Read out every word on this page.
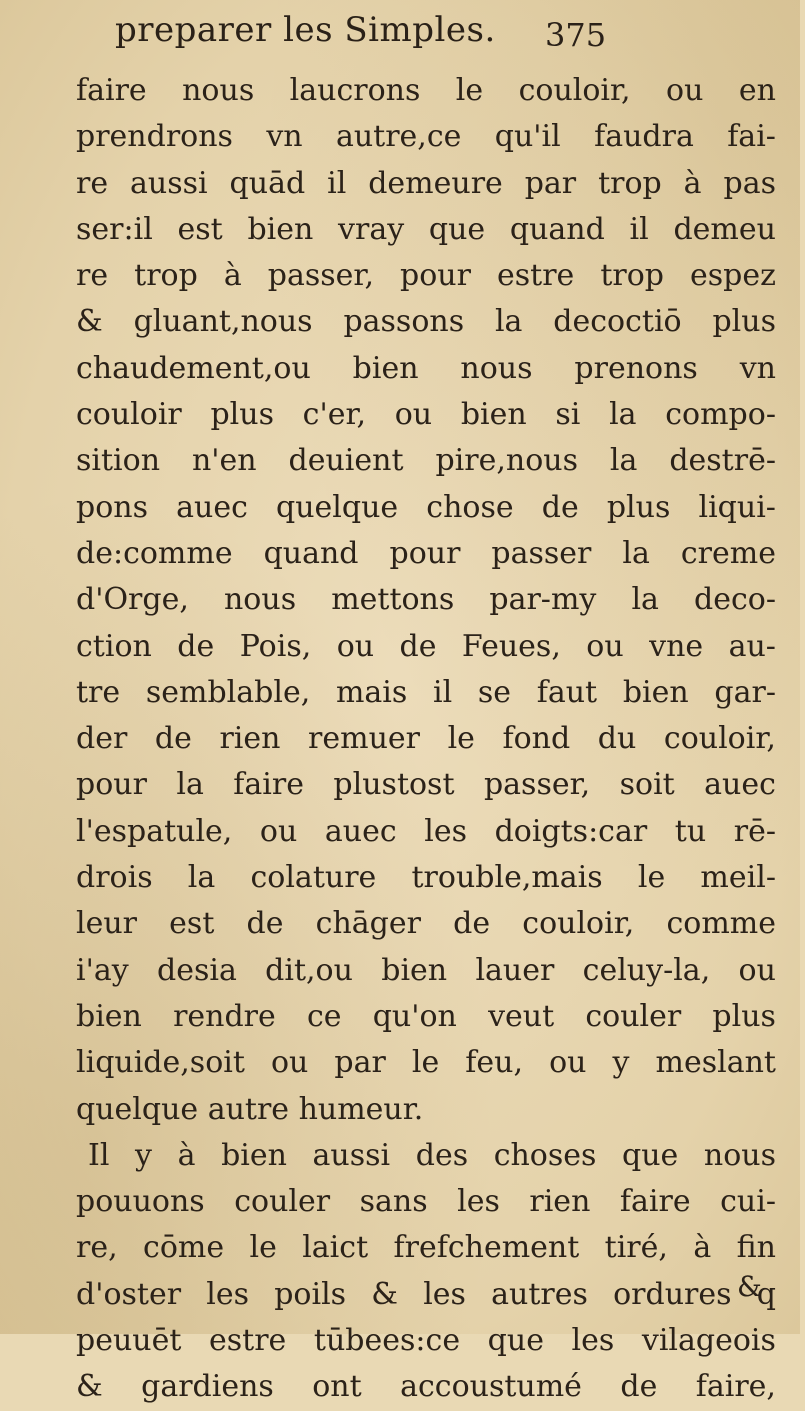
preparer les Simples. 375
faire nous laucrons le couloir, ou en
prendrons vn autre,ce qu'il faudra fai-
re aussi quād il demeure par trop à pas
ser:il est bien vray que quand il demeu
re trop à passer, pour estre trop espez
& gluant,nous passons la decoctiō plus
chaudement,ou bien nous prenons vn
couloir plus c'er, ou bien si la compo-
sition n'en deuient pire,nous la destrē-
pons auec quelque chose de plus liqui-
de:comme quand pour passer la creme
d'Orge, nous mettons par-my la deco-
ction de Pois, ou de Feues, ou vne au-
tre semblable, mais il se faut bien gar-
der de rien remuer le fond du couloir,
pour la faire plustost passer, soit auec
l'espatule, ou auec les doigts:car tu rē-
drois la colature trouble,mais le meil-
leur est de chāger de couloir, comme
i'ay desia dit,ou bien lauer celuy-la, ou
bien rendre ce qu'on veut couler plus
liquide,soit ou par le feu, ou y meslant
quelque autre humeur.
Il y à bien aussi des choses que nous
pouuons couler sans les rien faire cui-
re, cōme le laict frefchement tiré, à fin
d'oster les poils & les autres ordures q
peuuēt estre tūbees:ce que les vilageois
& gardiens ont accoustumé de faire,
&
